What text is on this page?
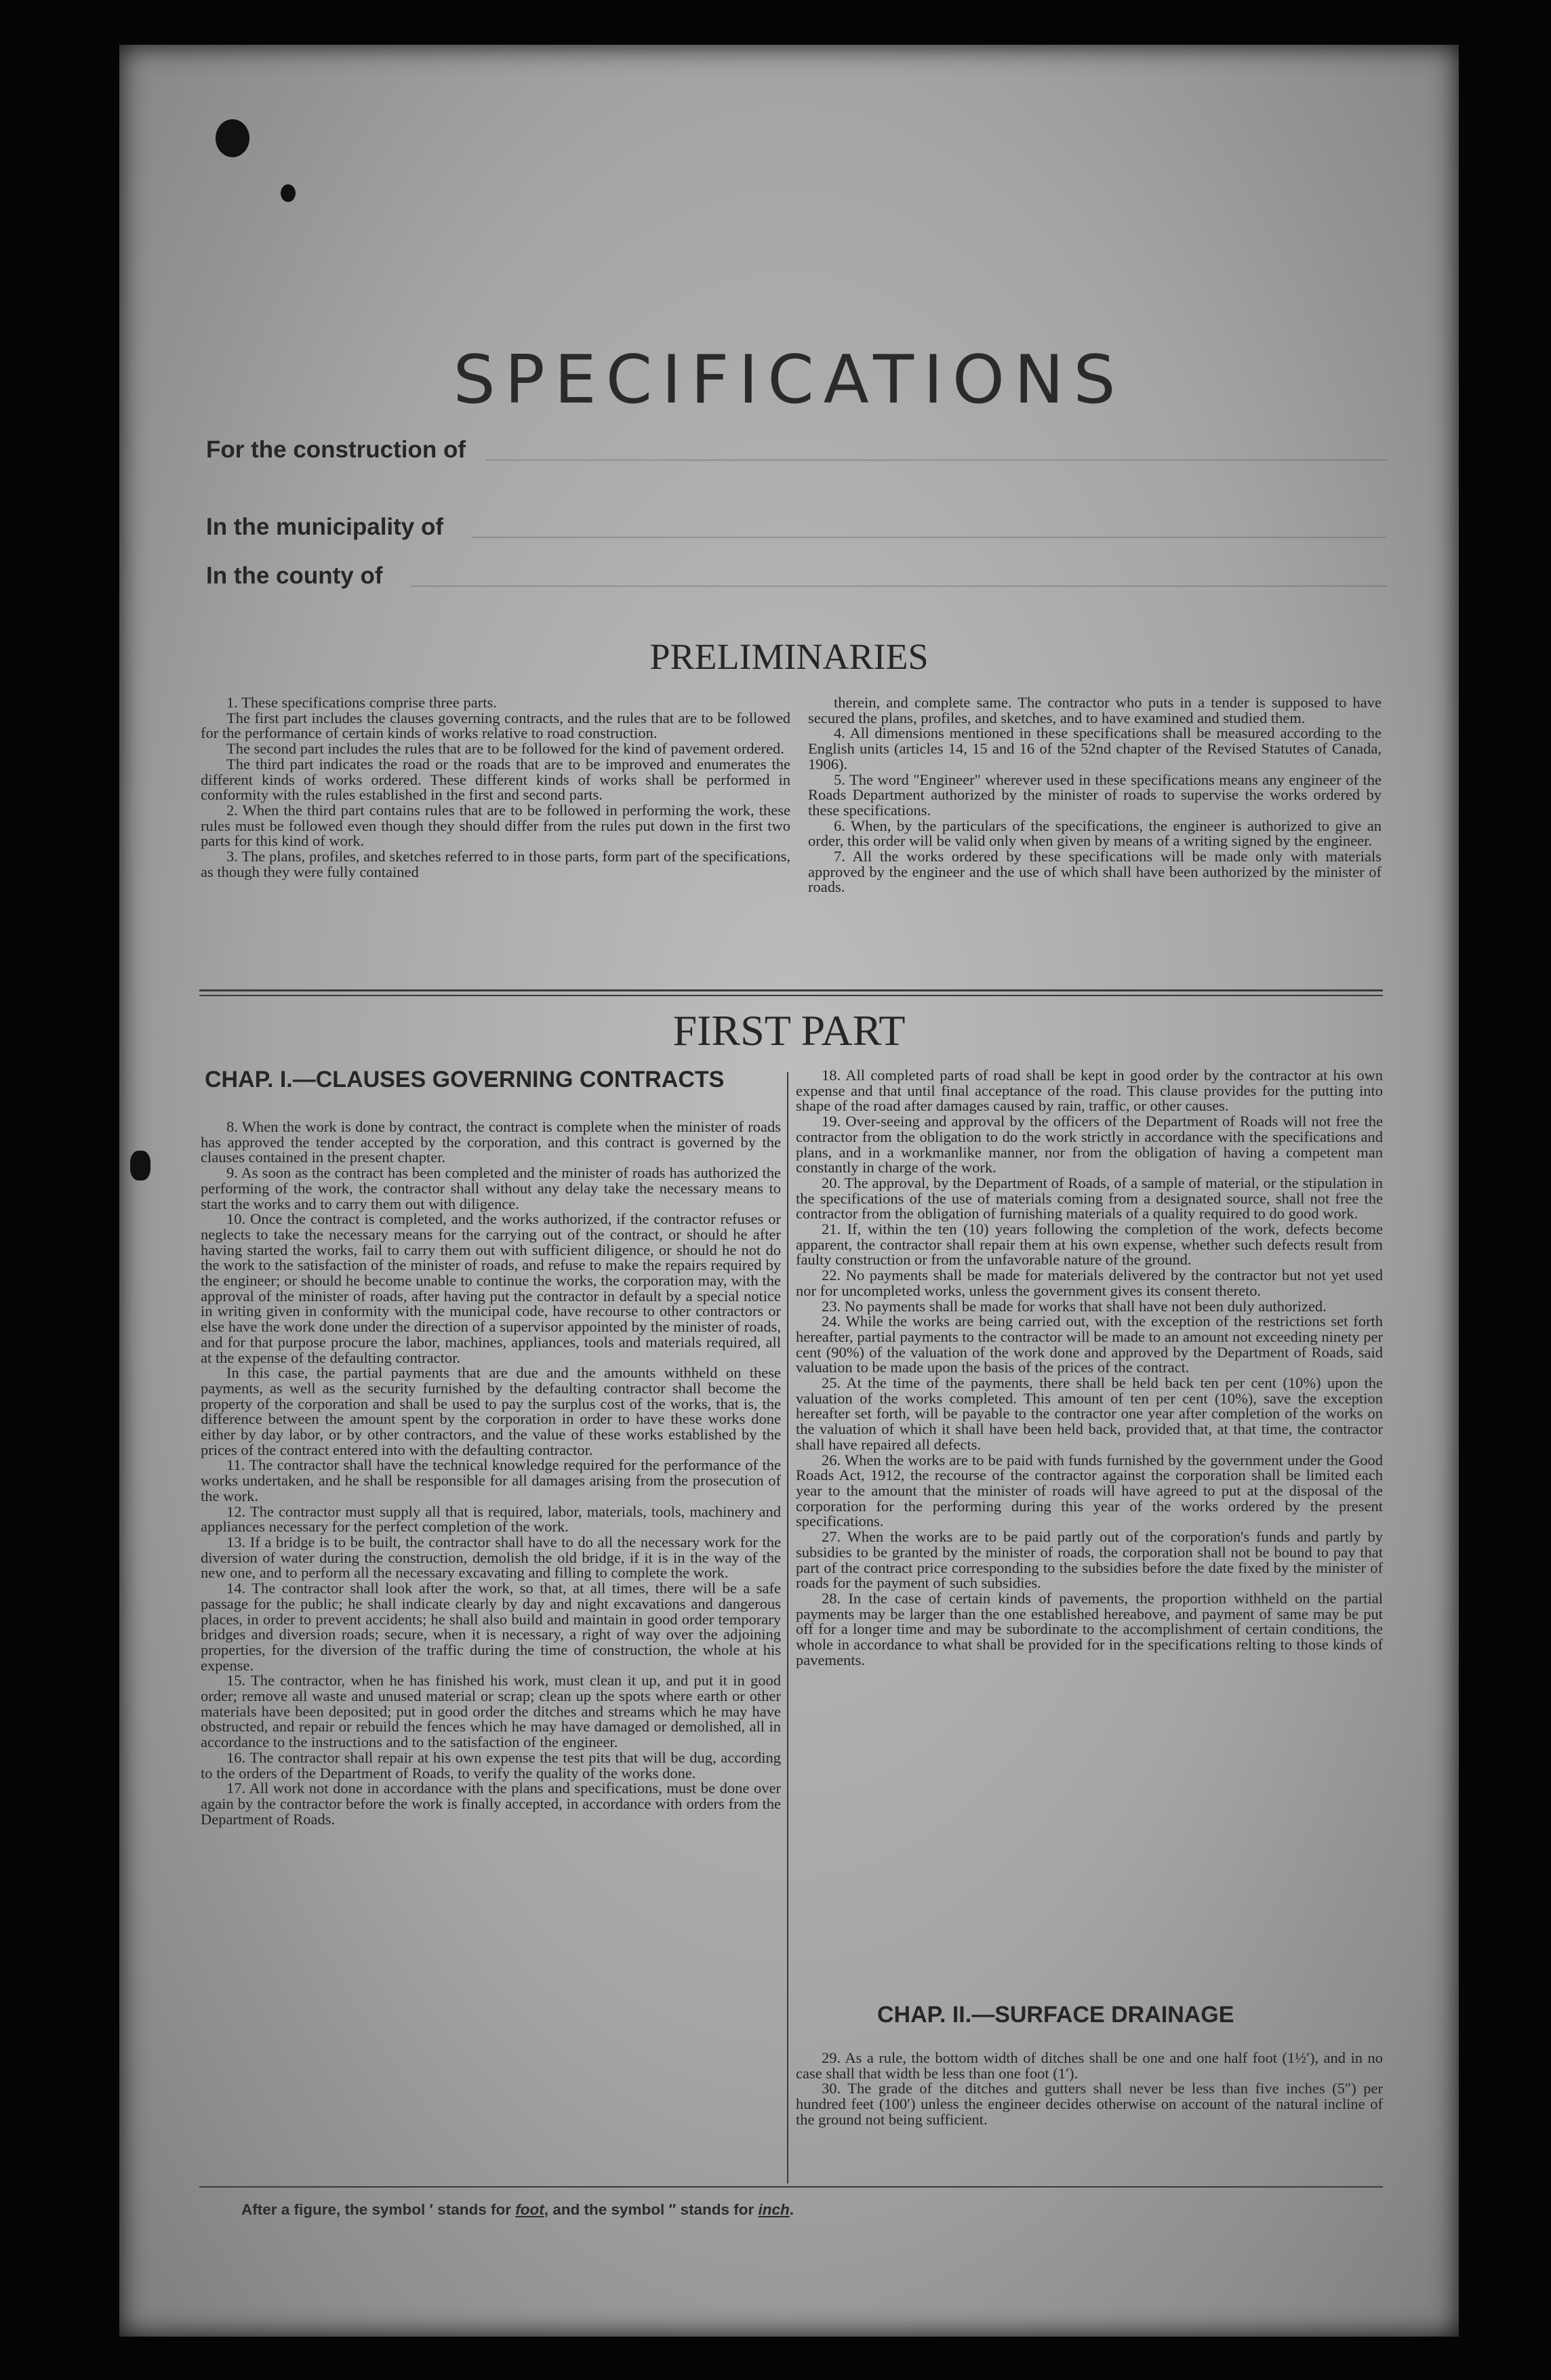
SPECIFICATIONS
For the construction of
In the municipality of
In the county of
PRELIMINARIES

1. These specifications comprise three parts.

The first part includes the clauses governing contracts, and the rules that are to be followed for the performance of certain kinds of works relative to road construction.

The second part includes the rules that are to be followed for the kind of pavement ordered.

The third part indicates the road or the roads that are to be improved and enumerates the different kinds of works ordered. These different kinds of works shall be performed in conformity with the rules established in the first and second parts.

2. When the third part contains rules that are to be followed in performing the work, these rules must be followed even though they should differ from the rules put down in the first two parts for this kind of work.

3. The plans, profiles, and sketches referred to in those parts, form part of the specifications, as though they were fully contained

therein, and complete same. The contractor who puts in a tender is supposed to have secured the plans, profiles, and sketches, and to have examined and studied them.

4. All dimensions mentioned in these specifications shall be measured according to the English units (articles 14, 15 and 16 of the 52nd chapter of the Revised Statutes of Canada, 1906).

5. The word "Engineer" wherever used in these specifications means any engineer of the Roads Department authorized by the minister of roads to supervise the works ordered by these specifications.

6. When, by the particulars of the specifications, the engineer is authorized to give an order, this order will be valid only when given by means of a writing signed by the engineer.

7. All the works ordered by these specifications will be made only with materials approved by the engineer and the use of which shall have been authorized by the minister of roads.

FIRST PART
CHAP. I.—CLAUSES GOVERNING CONTRACTS

8. When the work is done by contract, the contract is complete when the minister of roads has approved the tender accepted by the corporation, and this contract is governed by the clauses contained in the present chapter.

9. As soon as the contract has been completed and the minister of roads has authorized the performing of the work, the contractor shall without any delay take the necessary means to start the works and to carry them out with diligence.

10. Once the contract is completed, and the works authorized, if the contractor refuses or neglects to take the necessary means for the carrying out of the contract, or should he after having started the works, fail to carry them out with sufficient diligence, or should he not do the work to the satisfaction of the minister of roads, and refuse to make the repairs required by the engineer; or should he become unable to continue the works, the corporation may, with the approval of the minister of roads, after having put the contractor in default by a special notice in writing given in conformity with the municipal code, have recourse to other contractors or else have the work done under the direction of a supervisor appointed by the minister of roads, and for that purpose procure the labor, machines, appliances, tools and materials required, all at the expense of the defaulting contractor.

In this case, the partial payments that are due and the amounts withheld on these payments, as well as the security furnished by the defaulting contractor shall become the property of the corporation and shall be used to pay the surplus cost of the works, that is, the difference between the amount spent by the corporation in order to have these works done either by day labor, or by other contractors, and the value of these works established by the prices of the contract entered into with the defaulting contractor.

11. The contractor shall have the technical knowledge required for the performance of the works undertaken, and he shall be responsible for all damages arising from the prosecution of the work.

12. The contractor must supply all that is required, labor, materials, tools, machinery and appliances necessary for the perfect completion of the work.

13. If a bridge is to be built, the contractor shall have to do all the necessary work for the diversion of water during the construction, demolish the old bridge, if it is in the way of the new one, and to perform all the necessary excavating and filling to complete the work.

14. The contractor shall look after the work, so that, at all times, there will be a safe passage for the public; he shall indicate clearly by day and night excavations and dangerous places, in order to prevent accidents; he shall also build and maintain in good order temporary bridges and diversion roads; secure, when it is necessary, a right of way over the adjoining properties, for the diversion of the traffic during the time of construction, the whole at his expense.

15. The contractor, when he has finished his work, must clean it up, and put it in good order; remove all waste and unused material or scrap; clean up the spots where earth or other materials have been deposited; put in good order the ditches and streams which he may have obstructed, and repair or rebuild the fences which he may have damaged or demolished, all in accordance to the instructions and to the satisfaction of the engineer.

16. The contractor shall repair at his own expense the test pits that will be dug, according to the orders of the Department of Roads, to verify the quality of the works done.

17. All work not done in accordance with the plans and specifications, must be done over again by the contractor before the work is finally accepted, in accordance with orders from the Department of Roads.

18. All completed parts of road shall be kept in good order by the contractor at his own expense and that until final acceptance of the road. This clause provides for the putting into shape of the road after damages caused by rain, traffic, or other causes.

19. Over-seeing and approval by the officers of the Department of Roads will not free the contractor from the obligation to do the work strictly in accordance with the specifications and plans, and in a workmanlike manner, nor from the obligation of having a competent man constantly in charge of the work.

20. The approval, by the Department of Roads, of a sample of material, or the stipulation in the specifications of the use of materials coming from a designated source, shall not free the contractor from the obligation of furnishing materials of a quality required to do good work.

21. If, within the ten (10) years following the completion of the work, defects become apparent, the contractor shall repair them at his own expense, whether such defects result from faulty construction or from the unfavorable nature of the ground.

22. No payments shall be made for materials delivered by the contractor but not yet used nor for uncompleted works, unless the government gives its consent thereto.

23. No payments shall be made for works that shall have not been duly authorized.

24. While the works are being carried out, with the exception of the restrictions set forth hereafter, partial payments to the contractor will be made to an amount not exceeding ninety per cent (90%) of the valuation of the work done and approved by the Department of Roads, said valuation to be made upon the basis of the prices of the contract.

25. At the time of the payments, there shall be held back ten per cent (10%) upon the valuation of the works completed. This amount of ten per cent (10%), save the exception hereafter set forth, will be payable to the contractor one year after completion of the works on the valuation of which it shall have been held back, provided that, at that time, the contractor shall have repaired all defects.

26. When the works are to be paid with funds furnished by the government under the Good Roads Act, 1912, the recourse of the contractor against the corporation shall be limited each year to the amount that the minister of roads will have agreed to put at the disposal of the corporation for the performing during this year of the works ordered by the present specifications.

27. When the works are to be paid partly out of the corporation's funds and partly by subsidies to be granted by the minister of roads, the corporation shall not be bound to pay that part of the contract price corresponding to the subsidies before the date fixed by the minister of roads for the payment of such subsidies.

28. In the case of certain kinds of pavements, the proportion withheld on the partial payments may be larger than the one established hereabove, and payment of same may be put off for a longer time and may be subordinate to the accomplishment of certain conditions, the whole in accordance to what shall be provided for in the specifications relting to those kinds of pavements.

CHAP. II.—SURFACE DRAINAGE

29. As a rule, the bottom width of ditches shall be one and one half foot (1½′), and in no case shall that width be less than one foot (1′).

30. The grade of the ditches and gutters shall never be less than five inches (5″) per hundred feet (100′) unless the engineer decides otherwise on account of the natural incline of the ground not being sufficient.

After a figure, the symbol ′ stands for foot, and the symbol ″ stands for inch.
